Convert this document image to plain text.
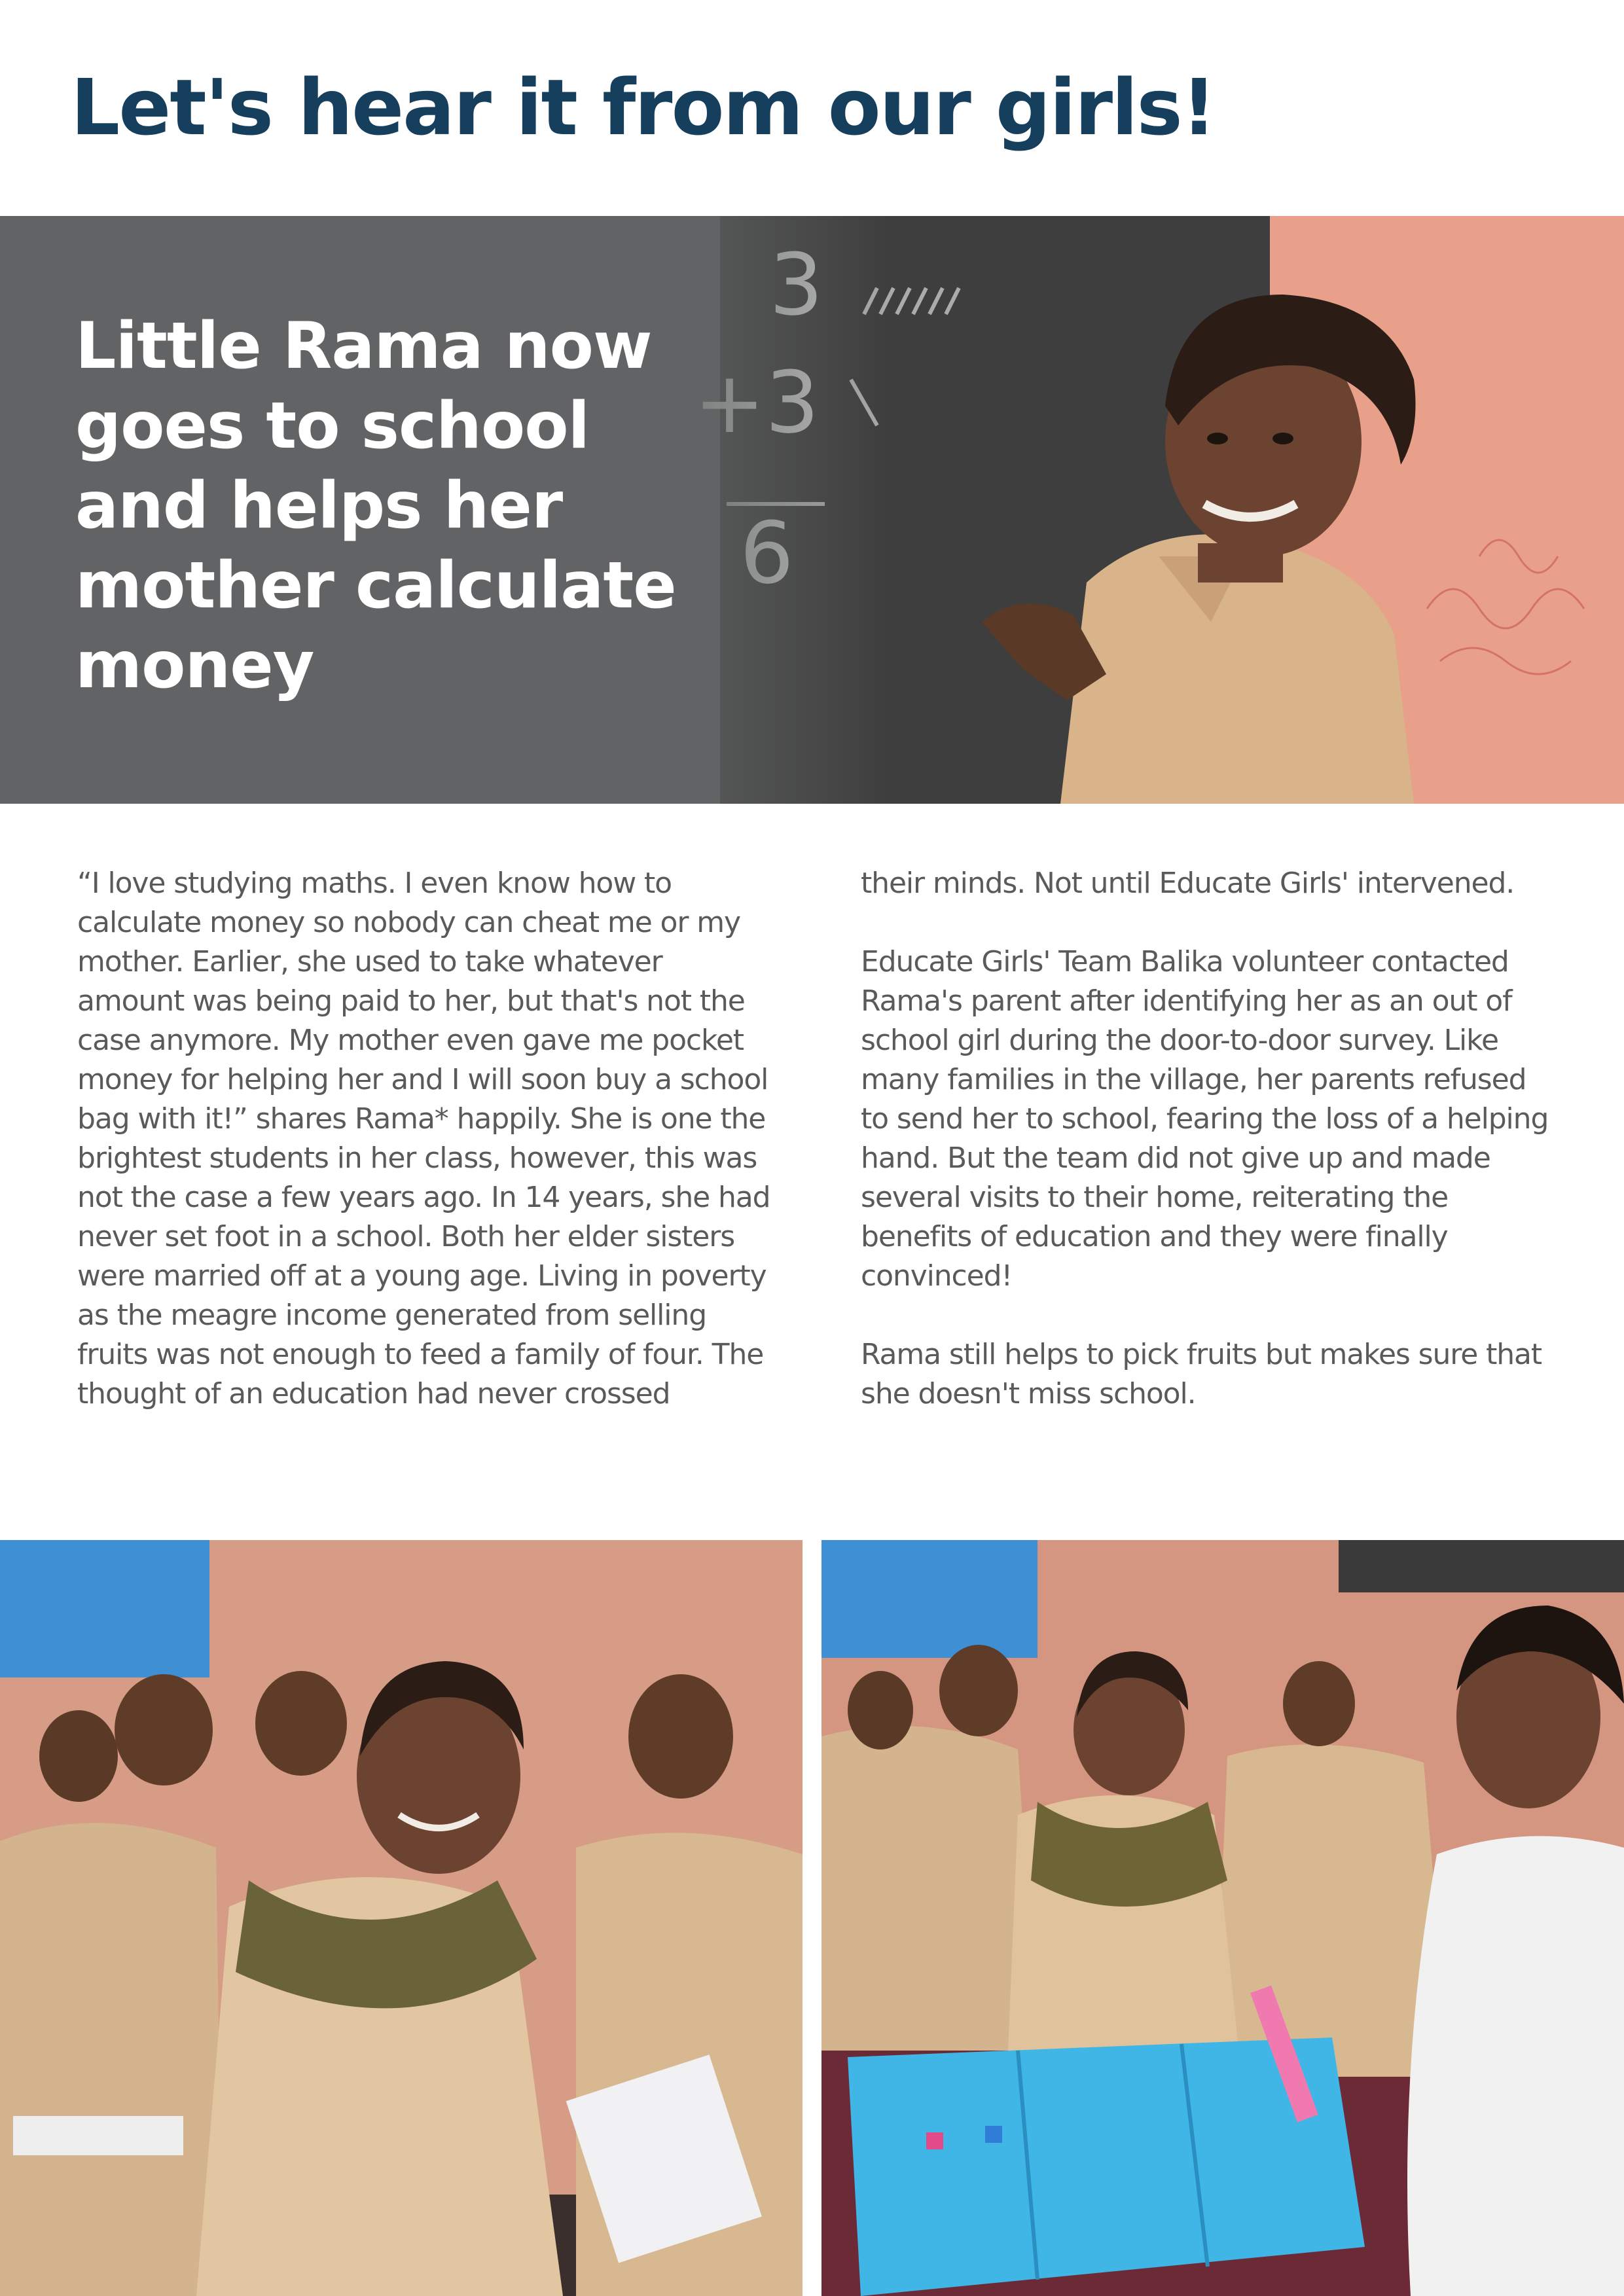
Let's hear it from our girls!
Little Rama now goes to school and helps her mother calculate money

“I love studying maths. I even know how to calculate money so nobody can cheat me or my mother. Earlier, she used to take whatever amount was being paid to her, but that's not the case anymore. My mother even gave me pocket money for helping her and I will soon buy a school bag with it!” shares Rama* happily. She is one the brightest students in her class, however, this was not the case a few years ago. In 14 years, she had never set foot in a school. Both her elder sisters were married off at a young age. Living in poverty as the meagre income generated from selling fruits was not enough to feed a family of four. The thought of an education had never crossed

their minds. Not until Educate Girls' intervened.

Educate Girls' Team Balika volunteer contacted Rama's parent after identifying her as an out of school girl during the door-to-door survey. Like many families in the village, her parents refused to send her to school, fearing the loss of a helping hand. But the team did not give up and made several visits to their home, reiterating the benefits of education and they were finally convinced!

Rama still helps to pick fruits but makes sure that she doesn't miss school.
